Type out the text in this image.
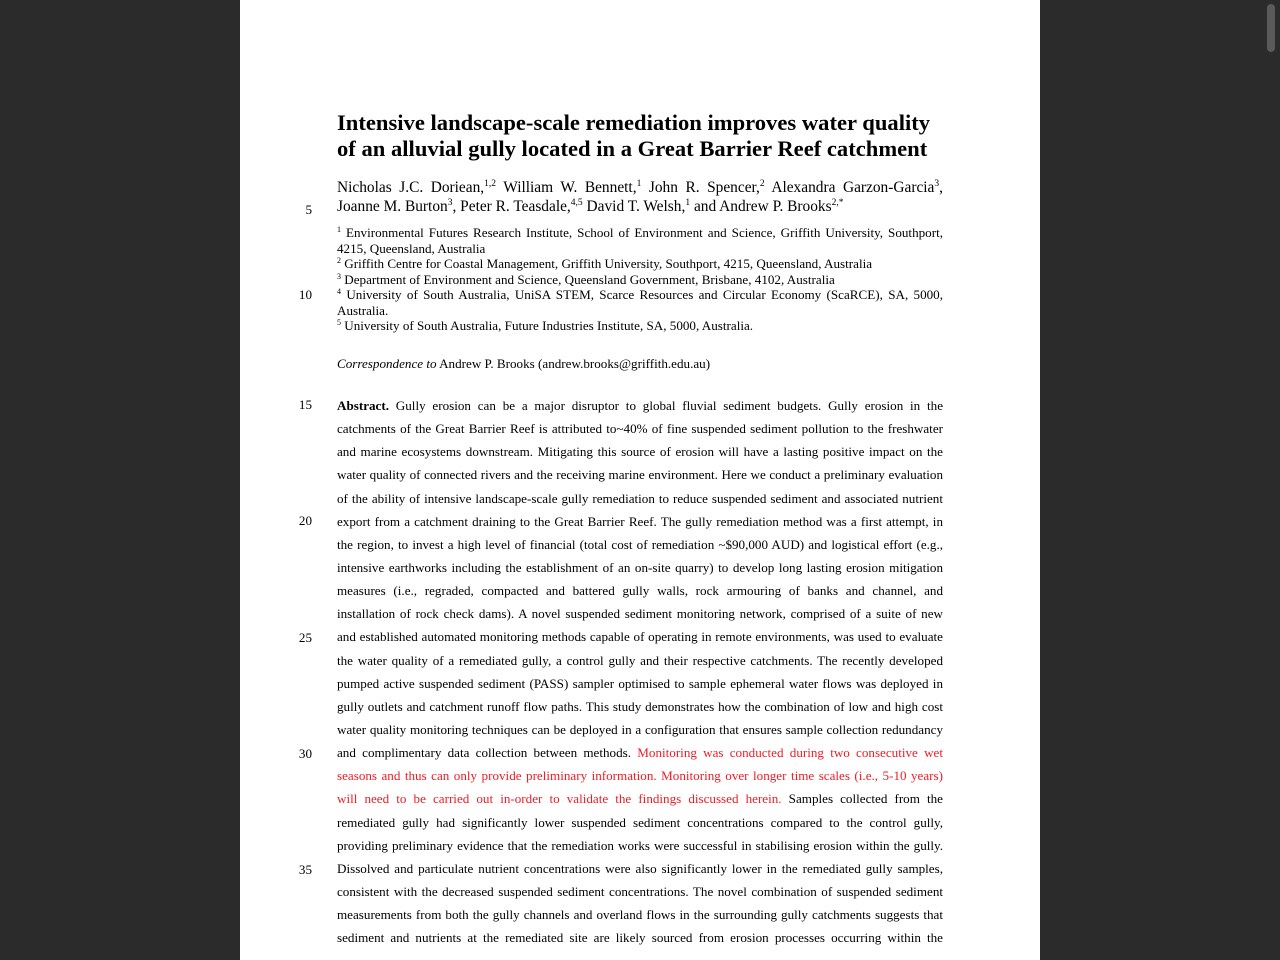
Intensive landscape-scale remediation improves water quality
of an alluvial gully located in a Great Barrier Reef catchment
Nicholas J.C. Doriean,$^{1,2}$ William W. Bennett,$^1$ John R. Spencer,$^2$ Alexandra Garzon-Garcia$^3$,
Joanne M. Burton$^3$, Peter R. Teasdale,$^{4,5}$ David T. Welsh,$^1$ and Andrew P. Brooks$^{2,*}$
$^1$ Environmental Futures Research Institute, School of Environment and Science, Griffith University, Southport, 4215, Queensland, Australia
$^2$ Griffith Centre for Coastal Management, Griffith University, Southport, 4215, Queensland, Australia
$^3$ Department of Environment and Science, Queensland Government, Brisbane, 4102, Australia
$^4$ University of South Australia, UniSA STEM, Scarce Resources and Circular Economy (ScaRCE), SA, 5000, Australia.
$^5$ University of South Australia, Future Industries Institute, SA, 5000, Australia.
Correspondence to Andrew P. Brooks (andrew.brooks@griffith.edu.au)
Abstract. Gully erosion can be a major disruptor to global fluvial sediment budgets. Gully erosion in the
catchments of the Great Barrier Reef is attributed to~40% of fine suspended sediment pollution to the freshwater
and marine ecosystems downstream. Mitigating this source of erosion will have a lasting positive impact on the
water quality of connected rivers and the receiving marine environment. Here we conduct a preliminary evaluation
of the ability of intensive landscape-scale gully remediation to reduce suspended sediment and associated nutrient
export from a catchment draining to the Great Barrier Reef. The gully remediation method was a first attempt, in
the region, to invest a high level of financial (total cost of remediation ~$90,000 AUD) and logistical effort (e.g.,
intensive earthworks including the establishment of an on-site quarry) to develop long lasting erosion mitigation
measures (i.e., regraded, compacted and battered gully walls, rock armouring of banks and channel, and
installation of rock check dams). A novel suspended sediment monitoring network, comprised of a suite of new
and established automated monitoring methods capable of operating in remote environments, was used to evaluate
the water quality of a remediated gully, a control gully and their respective catchments. The recently developed
pumped active suspended sediment (PASS) sampler optimised to sample ephemeral water flows was deployed in
gully outlets and catchment runoff flow paths. This study demonstrates how the combination of low and high cost
water quality monitoring techniques can be deployed in a configuration that ensures sample collection redundancy
and complimentary data collection between methods. Monitoring was conducted during two consecutive wet
seasons and thus can only provide preliminary information. Monitoring over longer time scales (i.e., 5-10 years)
will need to be carried out in-order to validate the findings discussed herein. Samples collected from the
remediated gully had significantly lower suspended sediment concentrations compared to the control gully,
providing preliminary evidence that the remediation works were successful in stabilising erosion within the gully.
Dissolved and particulate nutrient concentrations were also significantly lower in the remediated gully samples,
consistent with the decreased suspended sediment concentrations. The novel combination of suspended sediment
measurements from both the gully channels and overland flows in the surrounding gully catchments suggests that
sediment and nutrients at the remediated site are likely sourced from erosion processes occurring within the
5
10
15
20
25
30
35
